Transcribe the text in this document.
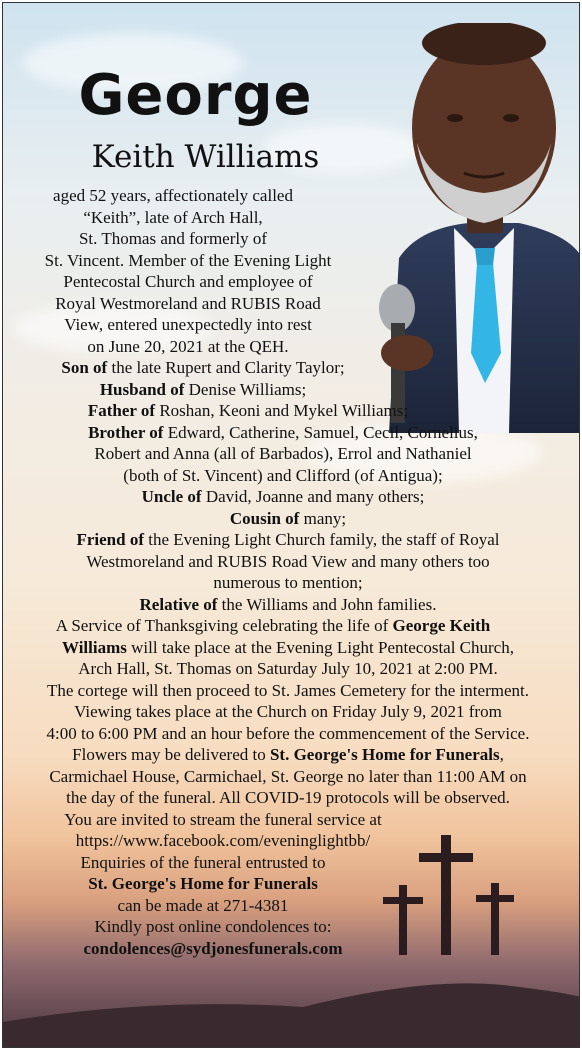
George
Keith Williams
aged 52 years, affectionately called
“Keith”, late of Arch Hall,
St. Thomas and formerly of
St. Vincent. Member of the Evening Light
Pentecostal Church and employee of
Royal Westmoreland and RUBIS Road
View, entered unexpectedly into rest
on June 20, 2021 at the QEH.
Son of the late Rupert and Clarity Taylor;
Husband of Denise Williams;
Father of Roshan, Keoni and Mykel Williams;
Brother of Edward, Catherine, Samuel, Cecil, Cornelius,
Robert and Anna (all of Barbados), Errol and Nathaniel
(both of St. Vincent) and Clifford (of Antigua);
Uncle of David, Joanne and many others;
Cousin of many;
Friend of the Evening Light Church family, the staff of Royal
Westmoreland and RUBIS Road View and many others too
numerous to mention;
Relative of the Williams and John families.
A Service of Thanksgiving celebrating the life of George Keith
Williams will take place at the Evening Light Pentecostal Church,
Arch Hall, St. Thomas on Saturday July 10, 2021 at 2:00 PM.
The cortege will then proceed to St. James Cemetery for the interment.
Viewing takes place at the Church on Friday July 9, 2021 from
4:00 to 6:00 PM and an hour before the commencement of the Service.
Flowers may be delivered to St. George's Home for Funerals,
Carmichael House, Carmichael, St. George no later than 11:00 AM on
the day of the funeral. All COVID-19 protocols will be observed.
You are invited to stream the funeral service at
https://www.facebook.com/eveninglightbb/
Enquiries of the funeral entrusted to
St. George's Home for Funerals
can be made at 271-4381
Kindly post online condolences to:
condolences@sydjonesfunerals.com
